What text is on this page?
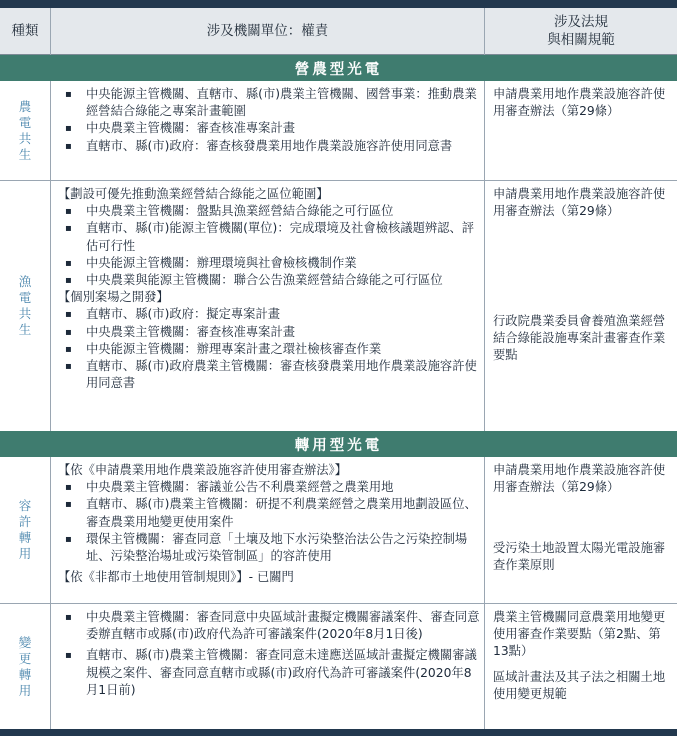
種類	涉及機關單位：權責
涉及法規
與相關規範
營農型光電
農電共生
▪ 中央能源主管機關、直轄市、縣(市)農業主管機關、國營事業：推動農業經營結合綠能之專案計畫範圍
▪ 中央農業主管機關：審查核准專案計畫
▪ 直轄市、縣(市)政府：審查核發農業用地作農業設施容許使用同意書

申請農業用地作農業設施容許使用審查辦法（第29條）

漁電共生
【劃設可優先推動漁業經營結合綠能之區位範圍】
▪ 中央農業主管機關：盤點具漁業經營結合綠能之可行區位
▪ 直轄市、縣(市)能源主管機關(單位)：完成環境及社會檢核議題辨認、評估可行性
▪ 中央能源主管機關：辦理環境與社會檢核機制作業
▪ 中央農業與能源主管機關：聯合公告漁業經營結合綠能之可行區位
【個別案場之開發】
▪ 直轄市、縣(市)政府：擬定專案計畫
▪ 中央農業主管機關：審查核准專案計畫
▪ 中央能源主管機關：辦理專案計畫之環社檢核審查作業
▪ 直轄市、縣(市)政府農業主管機關：審查核發農業用地作農業設施容許使用同意書

申請農業用地作農業設施容許使用審查辦法（第29條）

行政院農業委員會養殖漁業經營結合綠能設施專案計畫審查作業要點

轉用型光電
容許轉用
【依《申請農業用地作農業設施容許使用審查辦法》】
▪ 中央農業主管機關：審議並公告不利農業經營之農業用地
▪ 直轄市、縣(市)農業主管機關：研提不利農業經營之農業用地劃設區位、審查農業用地變更使用案件
▪ 環保主管機關：審查同意「土壤及地下水污染整治法公告之污染控制場址、污染整治場址或污染管制區」的容許使用
【依《非都市土地使用管制規則》】- 已關門

申請農業用地作農業設施容許使用審查辦法（第29條）

受污染土地設置太陽光電設施審查作業原則

變更轉用
▪ 中央農業主管機關：審查同意中央區域計畫擬定機關審議案件、審查同意委辦直轄市或縣(市)政府代為許可審議案件(2020年8月1日後)
▪ 直轄市、縣(市)農業主管機關：審查同意未達應送區域計畫擬定機關審議規模之案件、審查同意直轄市或縣(市)政府代為許可審議案件(2020年8月1日前)

農業主管機關同意農業用地變更使用審查作業要點（第2點、第13點）

區域計畫法及其子法之相關土地使用變更規範
